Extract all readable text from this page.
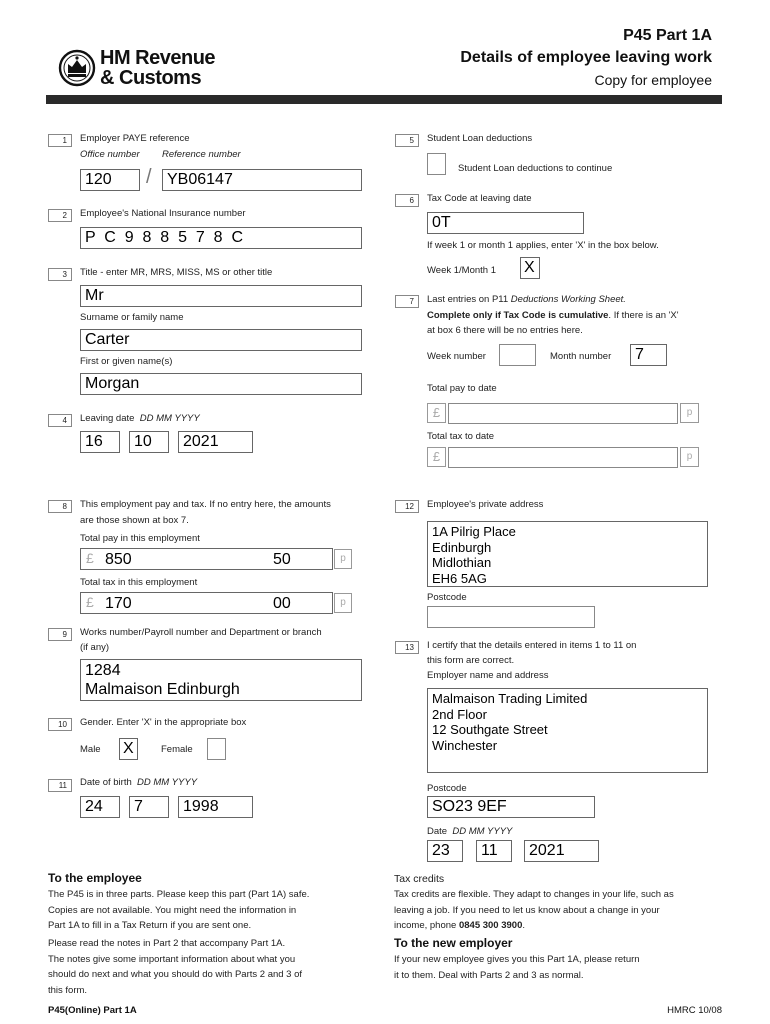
HM Revenue
& Customs
P45 Part 1A
Details of employee leaving work
Copy for employee
1	Employer PAYE reference
Office number Reference number
120	/ YB06147
2	Employee's National Insurance number
P  C  9  8  8  5  7  8  C
3	Title - enter MR, MRS, MISS, MS or other title
Mr
Surname or family name
Carter
First or given name(s)
Morgan
4	Leaving date DD MM YYYY
16	10	2021
8	This employment pay and tax. If no entry here, the amounts
are those shown at box 7.
Total pay in this employment
£ 850	50	p
Total tax in this employment
£ 170	00	p
9	Works number/Payroll number and Department or branch
(if any)
1284
Malmaison Edinburgh
10	Gender. Enter 'X' in the appropriate box
Male X	Female
11	Date of birth DD MM YYYY
24	7	1998
5	Student Loan deductions
Student Loan deductions to continue
6	Tax Code at leaving date
0T
If week 1 or month 1 applies, enter 'X' in the box below.
Week 1/Month 1 X
7	Last entries on P11 Deductions Working Sheet.
Complete only if Tax Code is cumulative. If there is an 'X'
at box 6 there will be no entries here.
Week number	Month number	7
Total pay to date
£	p
Total tax to date
£	p
12	Employee's private address
1A Pilrig Place
Edinburgh
Midlothian
EH6 5AG
Postcode
13	I certify that the details entered in items 1 to 11 on
this form are correct.
Employer name and address
Malmaison Trading Limited
2nd Floor
12 Southgate Street
Winchester
Postcode
SO23 9EF
Date DD MM YYYY
23	11	2021
To the employee
The P45 is in three parts. Please keep this part (Part 1A) safe.
Copies are not available. You might need the information in
Part 1A to fill in a Tax Return if you are sent one.
Please read the notes in Part 2 that accompany Part 1A.
The notes give some important information about what you
should do next and what you should do with Parts 2 and 3 of
this form.
Tax credits
Tax credits are flexible. They adapt to changes in your life, such as
leaving a job. If you need to let us know about a change in your
income, phone 0845 300 3900.
To the new employer
If your new employee gives you this Part 1A, please return
it to them. Deal with Parts 2 and 3 as normal.
P45(Online) Part 1A	HMRC 10/08
